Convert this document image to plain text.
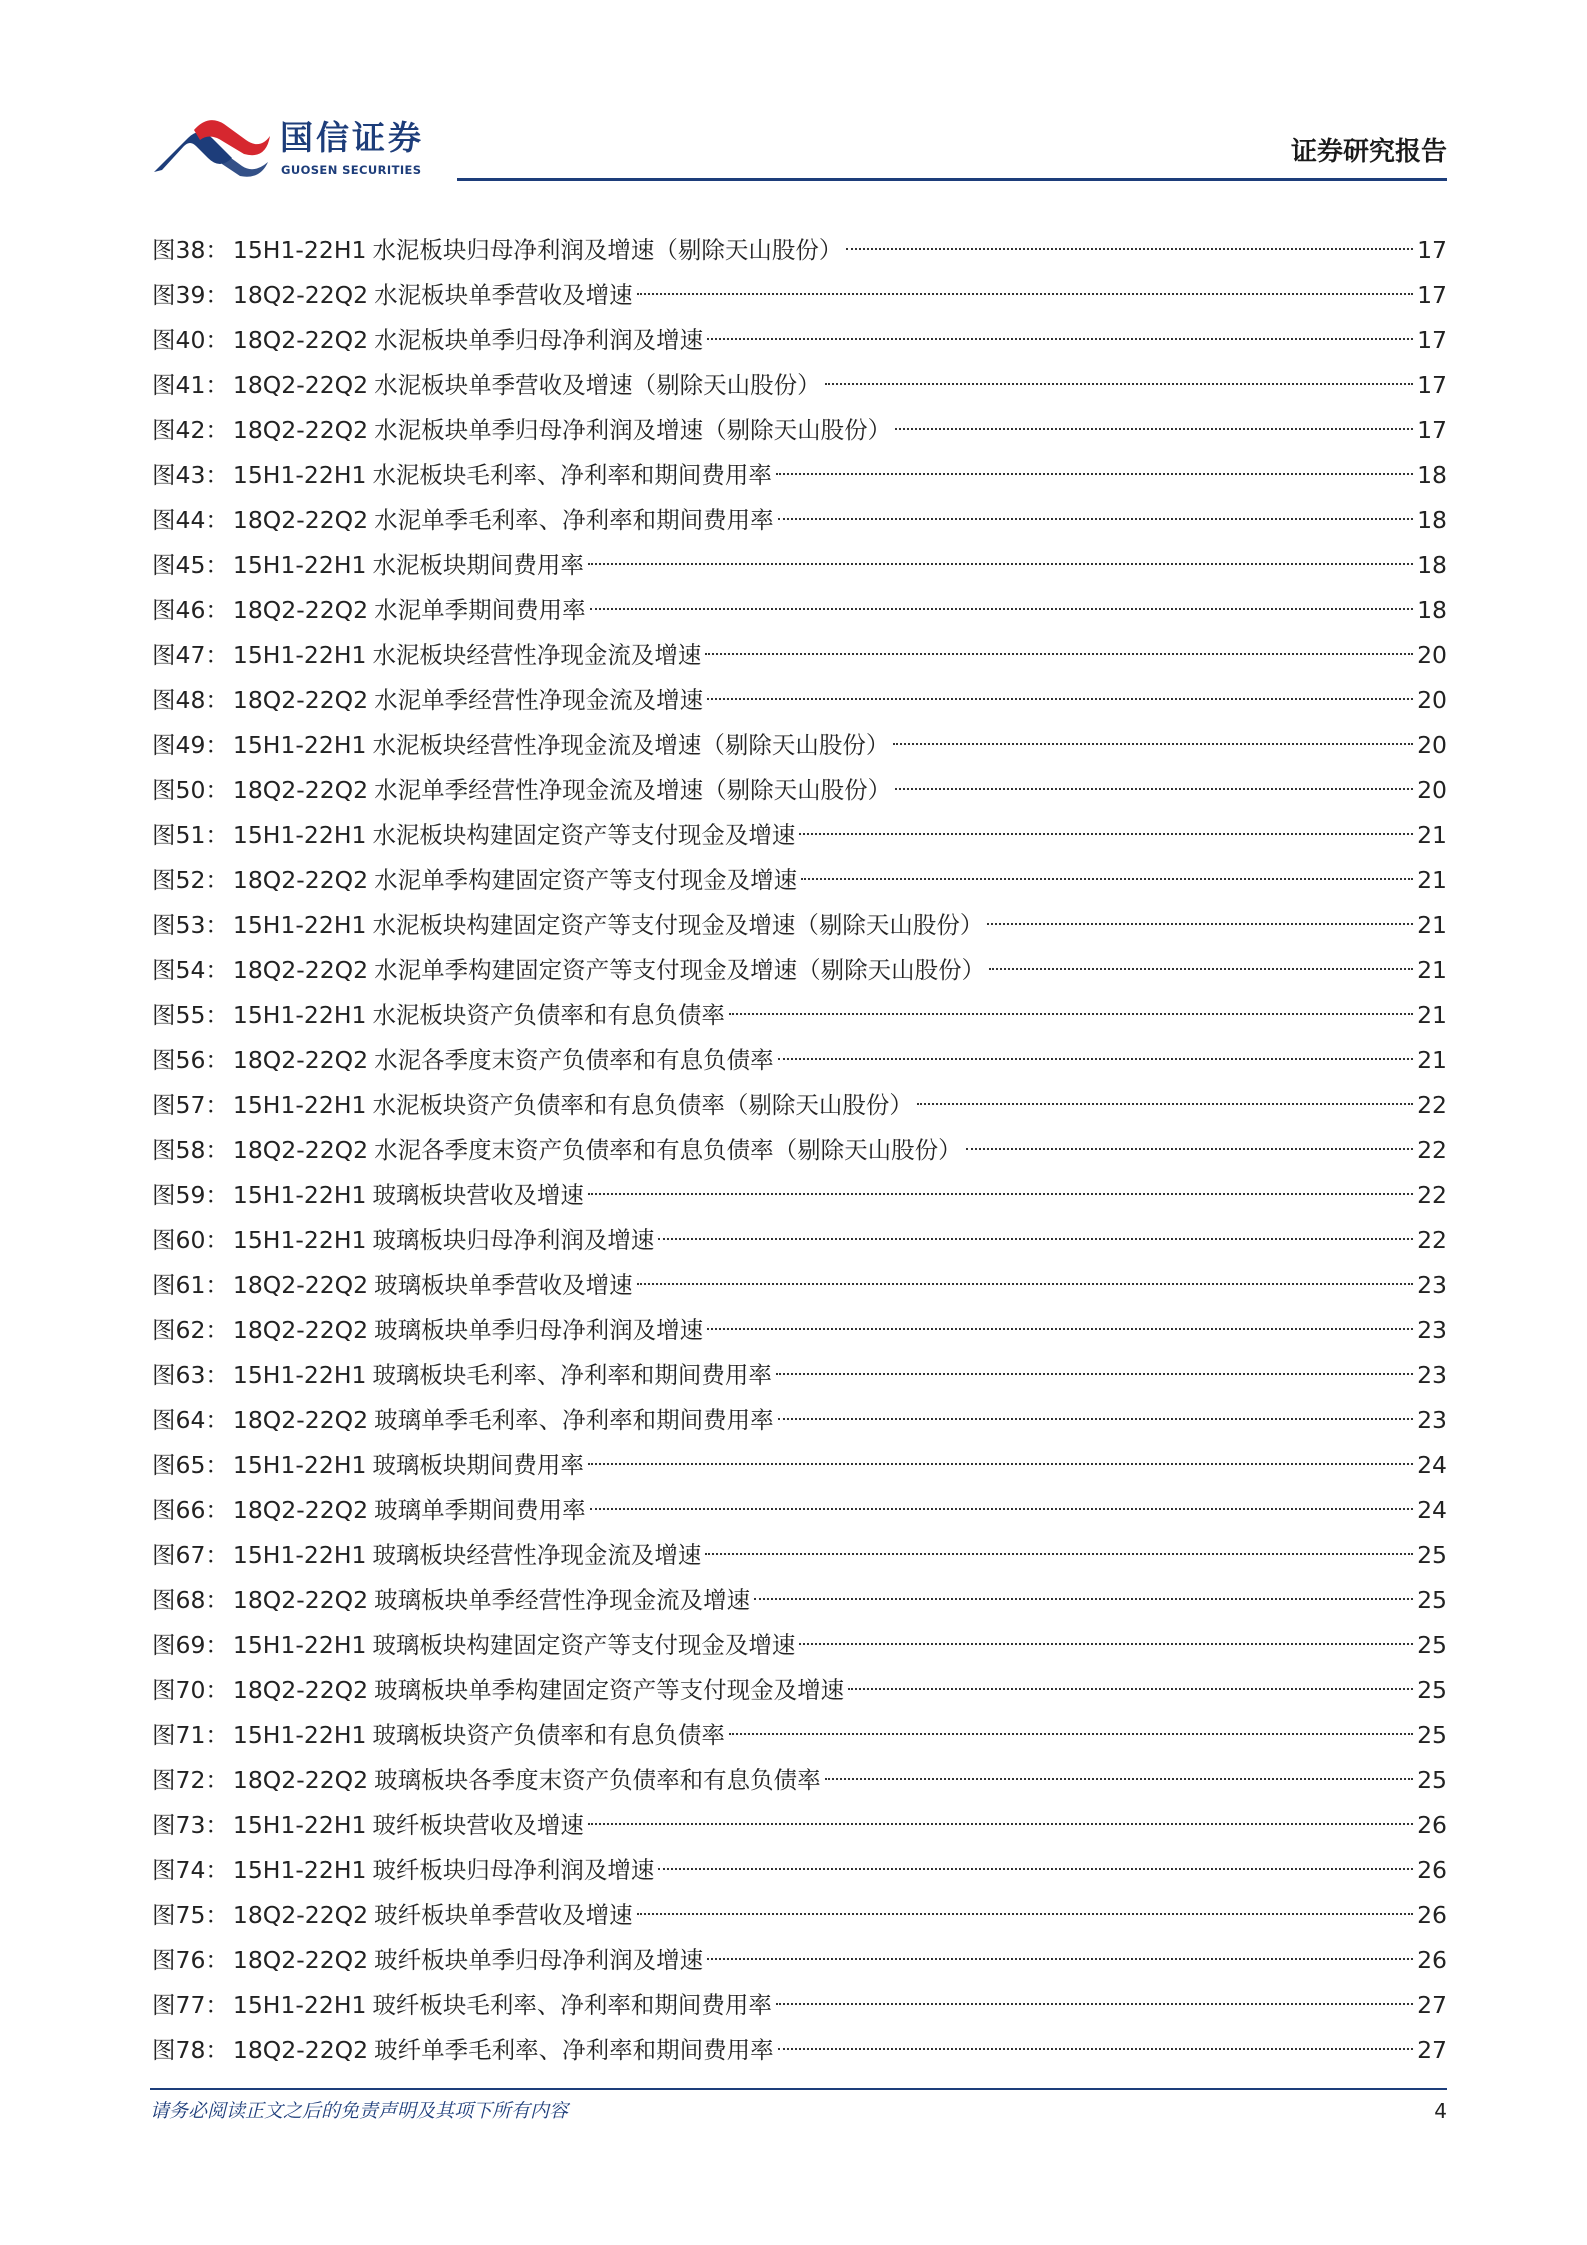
国信证券
GUOSEN SECURITIES
证券研究报告
图38： 15H1-22H1 水泥板块归母净利润及增速（剔除天山股份）	17
图39： 18Q2-22Q2 水泥板块单季营收及增速	17
图40： 18Q2-22Q2 水泥板块单季归母净利润及增速	17
图41： 18Q2-22Q2 水泥板块单季营收及增速（剔除天山股份）	17
图42： 18Q2-22Q2 水泥板块单季归母净利润及增速（剔除天山股份）	17
图43： 15H1-22H1 水泥板块毛利率、净利率和期间费用率	18
图44： 18Q2-22Q2 水泥单季毛利率、净利率和期间费用率	18
图45： 15H1-22H1 水泥板块期间费用率	18
图46： 18Q2-22Q2 水泥单季期间费用率	18
图47： 15H1-22H1 水泥板块经营性净现金流及增速	20
图48： 18Q2-22Q2 水泥单季经营性净现金流及增速	20
图49： 15H1-22H1 水泥板块经营性净现金流及增速（剔除天山股份）	20
图50： 18Q2-22Q2 水泥单季经营性净现金流及增速（剔除天山股份）	20
图51： 15H1-22H1 水泥板块构建固定资产等支付现金及增速	21
图52： 18Q2-22Q2 水泥单季构建固定资产等支付现金及增速	21
图53： 15H1-22H1 水泥板块构建固定资产等支付现金及增速（剔除天山股份）	21
图54： 18Q2-22Q2 水泥单季构建固定资产等支付现金及增速（剔除天山股份）	21
图55： 15H1-22H1 水泥板块资产负债率和有息负债率	21
图56： 18Q2-22Q2 水泥各季度末资产负债率和有息负债率	21
图57： 15H1-22H1 水泥板块资产负债率和有息负债率（剔除天山股份）	22
图58： 18Q2-22Q2 水泥各季度末资产负债率和有息负债率（剔除天山股份）	22
图59： 15H1-22H1 玻璃板块营收及增速	22
图60： 15H1-22H1 玻璃板块归母净利润及增速	22
图61： 18Q2-22Q2 玻璃板块单季营收及增速	23
图62： 18Q2-22Q2 玻璃板块单季归母净利润及增速	23
图63： 15H1-22H1 玻璃板块毛利率、净利率和期间费用率	23
图64： 18Q2-22Q2 玻璃单季毛利率、净利率和期间费用率	23
图65： 15H1-22H1 玻璃板块期间费用率	24
图66： 18Q2-22Q2 玻璃单季期间费用率	24
图67： 15H1-22H1 玻璃板块经营性净现金流及增速	25
图68： 18Q2-22Q2 玻璃板块单季经营性净现金流及增速	25
图69： 15H1-22H1 玻璃板块构建固定资产等支付现金及增速	25
图70： 18Q2-22Q2 玻璃板块单季构建固定资产等支付现金及增速	25
图71： 15H1-22H1 玻璃板块资产负债率和有息负债率	25
图72： 18Q2-22Q2 玻璃板块各季度末资产负债率和有息负债率	25
图73： 15H1-22H1 玻纤板块营收及增速	26
图74： 15H1-22H1 玻纤板块归母净利润及增速	26
图75： 18Q2-22Q2 玻纤板块单季营收及增速	26
图76： 18Q2-22Q2 玻纤板块单季归母净利润及增速	26
图77： 15H1-22H1 玻纤板块毛利率、净利率和期间费用率	27
图78： 18Q2-22Q2 玻纤单季毛利率、净利率和期间费用率	27
请务必阅读正文之后的免责声明及其项下所有内容	4
